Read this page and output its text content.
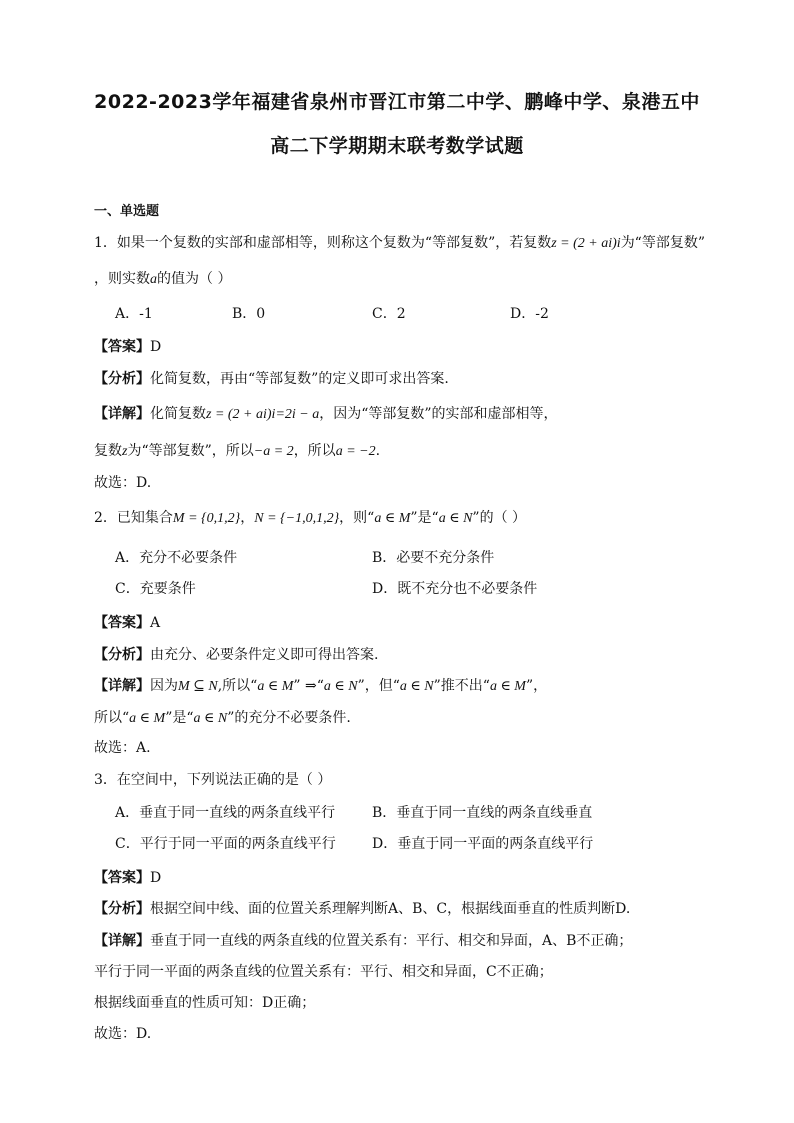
2022-2023学年福建省泉州市晋江市第二中学、鹏峰中学、泉港五中
高二下学期期末联考数学试题
一、单选题
1．如果一个复数的实部和虚部相等，则称这个复数为“等部复数”，若复数z = (2 + ai)i为“等部复数”
，则实数a的值为（ ）
A．-1	B．0	C．2	D．-2
【答案】D
【分析】化简复数，再由“等部复数”的定义即可求出答案.
【详解】化简复数z = (2 + ai)i=2i − a，因为“等部复数”的实部和虚部相等，
复数z为“等部复数”，所以−a = 2，所以a = −2.
故选：D.
2．已知集合M = {0,1,2}，N = {−1,0,1,2}，则“a ∈ M”是“a ∈ N”的（ ）
A．充分不必要条件	B．必要不充分条件
C．充要条件	D．既不充分也不必要条件
【答案】A
【分析】由充分、必要条件定义即可得出答案.
【详解】因为M ⊆ N,所以“a ∈ M” ⇒“a ∈ N”，但“a ∈ N”推不出“a ∈ M”，
所以“a ∈ M”是“a ∈ N”的充分不必要条件.
故选：A.
3．在空间中，下列说法正确的是（ ）
A．垂直于同一直线的两条直线平行	B．垂直于同一直线的两条直线垂直
C．平行于同一平面的两条直线平行	D．垂直于同一平面的两条直线平行
【答案】D
【分析】根据空间中线、面的位置关系理解判断A、B、C，根据线面垂直的性质判断D.
【详解】垂直于同一直线的两条直线的位置关系有：平行、相交和异面，A、B不正确；
平行于同一平面的两条直线的位置关系有：平行、相交和异面，C不正确；
根据线面垂直的性质可知：D正确；
故选：D.
